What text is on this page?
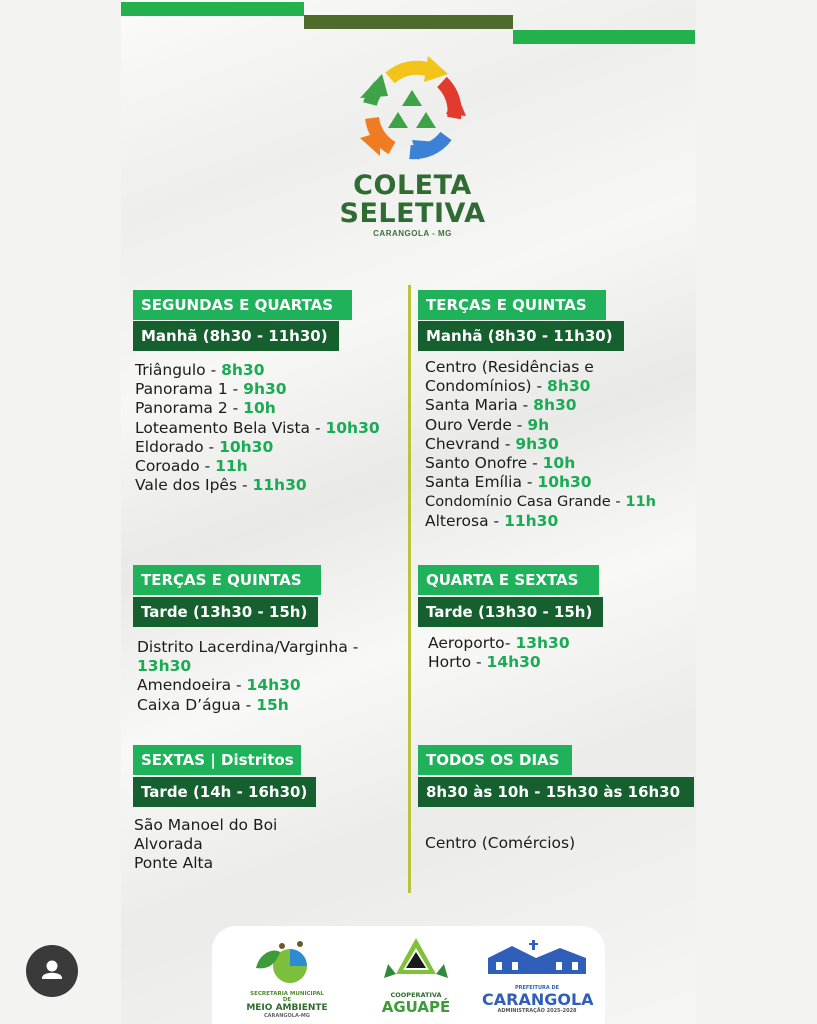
COLETA
SELETIVA
CARANGOLA - MG
SEGUNDAS E QUARTAS
Manhã (8h30 - 11h30)
Triângulo - 8h30
Panorama 1 - 9h30
Panorama 2 - 10h
Loteamento Bela Vista - 10h30
Eldorado - 10h30
Coroado - 11h
Vale dos Ipês - 11h30
TERÇAS E QUINTAS
Manhã (8h30 - 11h30)
Centro (Residências e
Condomínios) - 8h30
Santa Maria - 8h30
Ouro Verde - 9h
Chevrand - 9h30
Santo Onofre - 10h
Santa Emília - 10h30
Condomínio Casa Grande - 11h
Alterosa - 11h30
TERÇAS E QUINTAS
Tarde (13h30 - 15h)
Distrito Lacerdina/Varginha -
13h30
Amendoeira - 14h30
Caixa D’água - 15h
QUARTA E SEXTAS
Tarde (13h30 - 15h)
Aeroporto- 13h30
Horto - 14h30
SEXTAS | Distritos
Tarde (14h - 16h30)
São Manoel do Boi
Alvorada
Ponte Alta
TODOS OS DIAS
8h30 às 10h - 15h30 às 16h30
Centro (Comércios)
SECRETARIA MUNICIPAL DE
MEIO AMBIENTE
CARANGOLA-MG
COOPERATIVA
AGUAPÉ
PREFEITURA DE
CARANGOLA
ADMINISTRAÇÃO 2025-2028
